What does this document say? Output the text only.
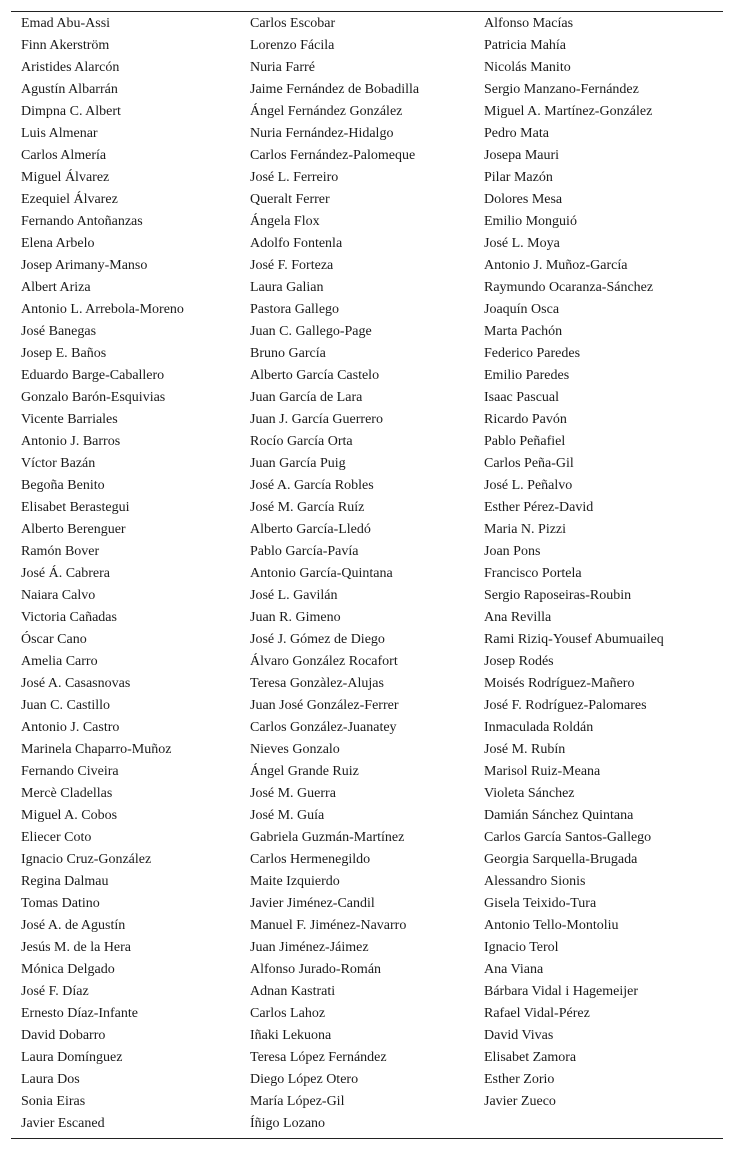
Emad Abu-Assi
Finn Akerström
Aristides Alarcón
Agustín Albarrán
Dimpna C. Albert
Luis Almenar
Carlos Almería
Miguel Álvarez
Ezequiel Álvarez
Fernando Antoñanzas
Elena Arbelo
Josep Arimany-Manso
Albert Ariza
Antonio L. Arrebola-Moreno
José Banegas
Josep E. Baños
Eduardo Barge-Caballero
Gonzalo Barón-Esquivias
Vicente Barriales
Antonio J. Barros
Víctor Bazán
Begoña Benito
Elisabet Berastegui
Alberto Berenguer
Ramón Bover
José Á. Cabrera
Naiara Calvo
Victoria Cañadas
Óscar Cano
Amelia Carro
José A. Casasnovas
Juan C. Castillo
Antonio J. Castro
Marinela Chaparro-Muñoz
Fernando Civeira
Mercè Cladellas
Miguel A. Cobos
Eliecer Coto
Ignacio Cruz-González
Regina Dalmau
Tomas Datino
José A. de Agustín
Jesús M. de la Hera
Mónica Delgado
José F. Díaz
Ernesto Díaz-Infante
David Dobarro
Laura Domínguez
Laura Dos
Sonia Eiras
Javier Escaned
Carlos Escobar
Lorenzo Fácila
Nuria Farré
Jaime Fernández de Bobadilla
Ángel Fernández González
Nuria Fernández-Hidalgo
Carlos Fernández-Palomeque
José L. Ferreiro
Queralt Ferrer
Ángela Flox
Adolfo Fontenla
José F. Forteza
Laura Galian
Pastora Gallego
Juan C. Gallego-Page
Bruno García
Alberto García Castelo
Juan García de Lara
Juan J. García Guerrero
Rocío García Orta
Juan García Puig
José A. García Robles
José M. García Ruíz
Alberto García-Lledó
Pablo García-Pavía
Antonio García-Quintana
José L. Gavilán
Juan R. Gimeno
José J. Gómez de Diego
Álvaro González Rocafort
Teresa Gonzàlez-Alujas
Juan José González-Ferrer
Carlos González-Juanatey
Nieves Gonzalo
Ángel Grande Ruiz
José M. Guerra
José M. Guía
Gabriela Guzmán-Martínez
Carlos Hermenegildo
Maite Izquierdo
Javier Jiménez-Candil
Manuel F. Jiménez-Navarro
Juan Jiménez-Jáimez
Alfonso Jurado-Román
Adnan Kastrati
Carlos Lahoz
Iñaki Lekuona
Teresa López Fernández
Diego López Otero
María López-Gil
Íñigo Lozano
Alfonso Macías
Patricia Mahía
Nicolás Manito
Sergio Manzano-Fernández
Miguel A. Martínez-González
Pedro Mata
Josepa Mauri
Pilar Mazón
Dolores Mesa
Emilio Monguió
José L. Moya
Antonio J. Muñoz-García
Raymundo Ocaranza-Sánchez
Joaquín Osca
Marta Pachón
Federico Paredes
Emilio Paredes
Isaac Pascual
Ricardo Pavón
Pablo Peñafiel
Carlos Peña-Gil
José L. Peñalvo
Esther Pérez-David
Maria N. Pizzi
Joan Pons
Francisco Portela
Sergio Raposeiras-Roubin
Ana Revilla
Rami Riziq-Yousef Abumuaileq
Josep Rodés
Moisés Rodríguez-Mañero
José F. Rodríguez-Palomares
Inmaculada Roldán
José M. Rubín
Marisol Ruiz-Meana
Violeta Sánchez
Damián Sánchez Quintana
Carlos García Santos-Gallego
Georgia Sarquella-Brugada
Alessandro Sionis
Gisela Teixido-Tura
Antonio Tello-Montoliu
Ignacio Terol
Ana Viana
Bárbara Vidal i Hagemeijer
Rafael Vidal-Pérez
David Vivas
Elisabet Zamora
Esther Zorio
Javier Zueco
